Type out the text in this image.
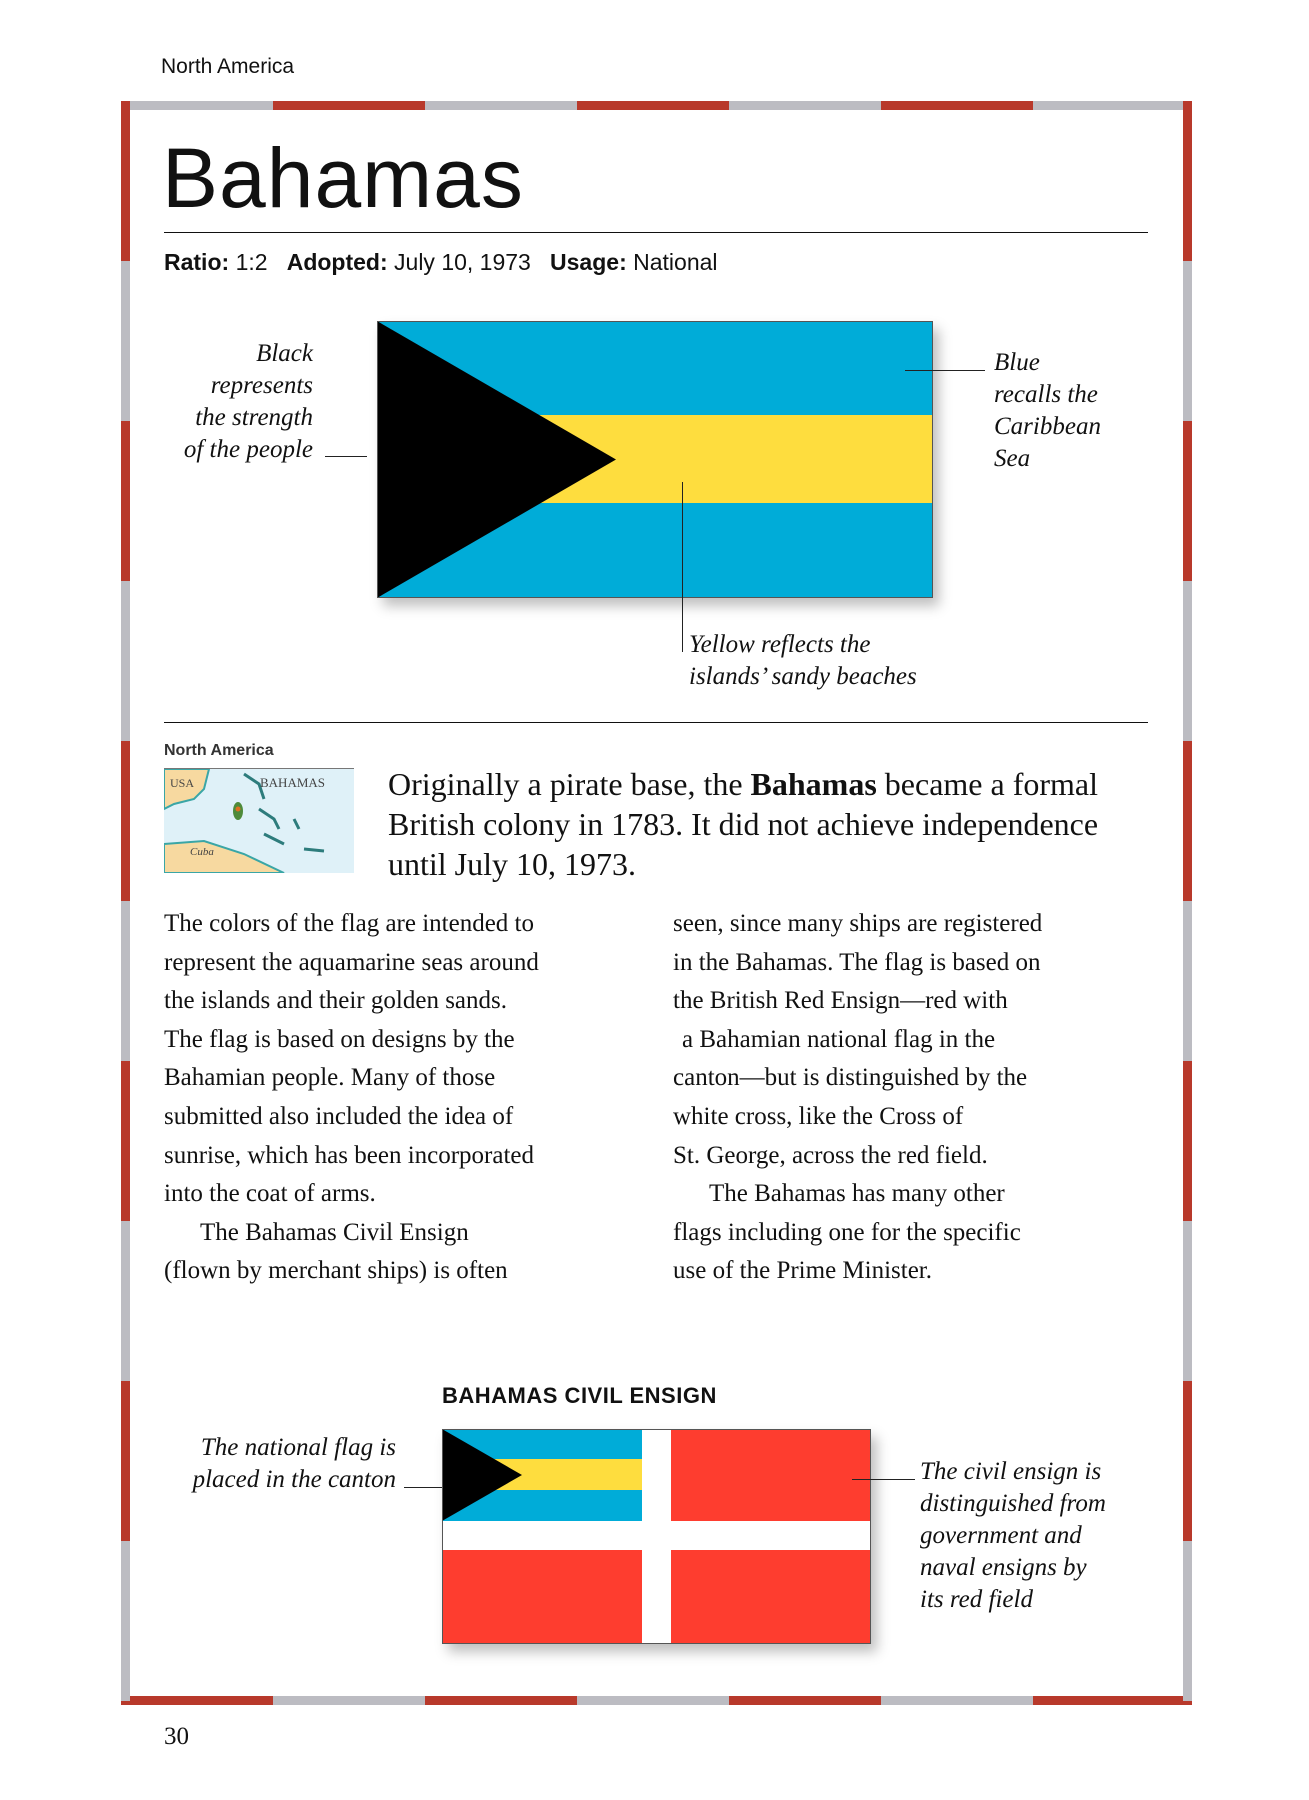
North America
Bahamas
Ratio: 1:2 Adopted: July 10, 1973 Usage: National
Black
represents
the strength
of the people
Blue
recalls the
Caribbean
Sea
Yellow reflects the
islands’ sandy beaches
North America
USA	BAHAMAS
Cuba
Originally a pirate base, the Bahamas became a formal British colony in 1783. It did not achieve independence until July 10, 1973.
The colors of the flag are intended to
represent the aquamarine seas around
the islands and their golden sands.
The flag is based on designs by the
Bahamian people. Many of those
submitted also included the idea of
sunrise, which has been incorporated
into the coat of arms.
The Bahamas Civil Ensign
(flown by merchant ships) is often
seen, since many ships are registered
in the Bahamas. The flag is based on
the British Red Ensign—red with
a Bahamian national flag in the
canton—but is distinguished by the
white cross, like the Cross of
St. George, across the red field.
The Bahamas has many other
flags including one for the specific
use of the Prime Minister.
BAHAMAS CIVIL ENSIGN
The national flag is
placed in the canton	The civil ensign is
distinguished from
government and
naval ensigns by
its red field
30
